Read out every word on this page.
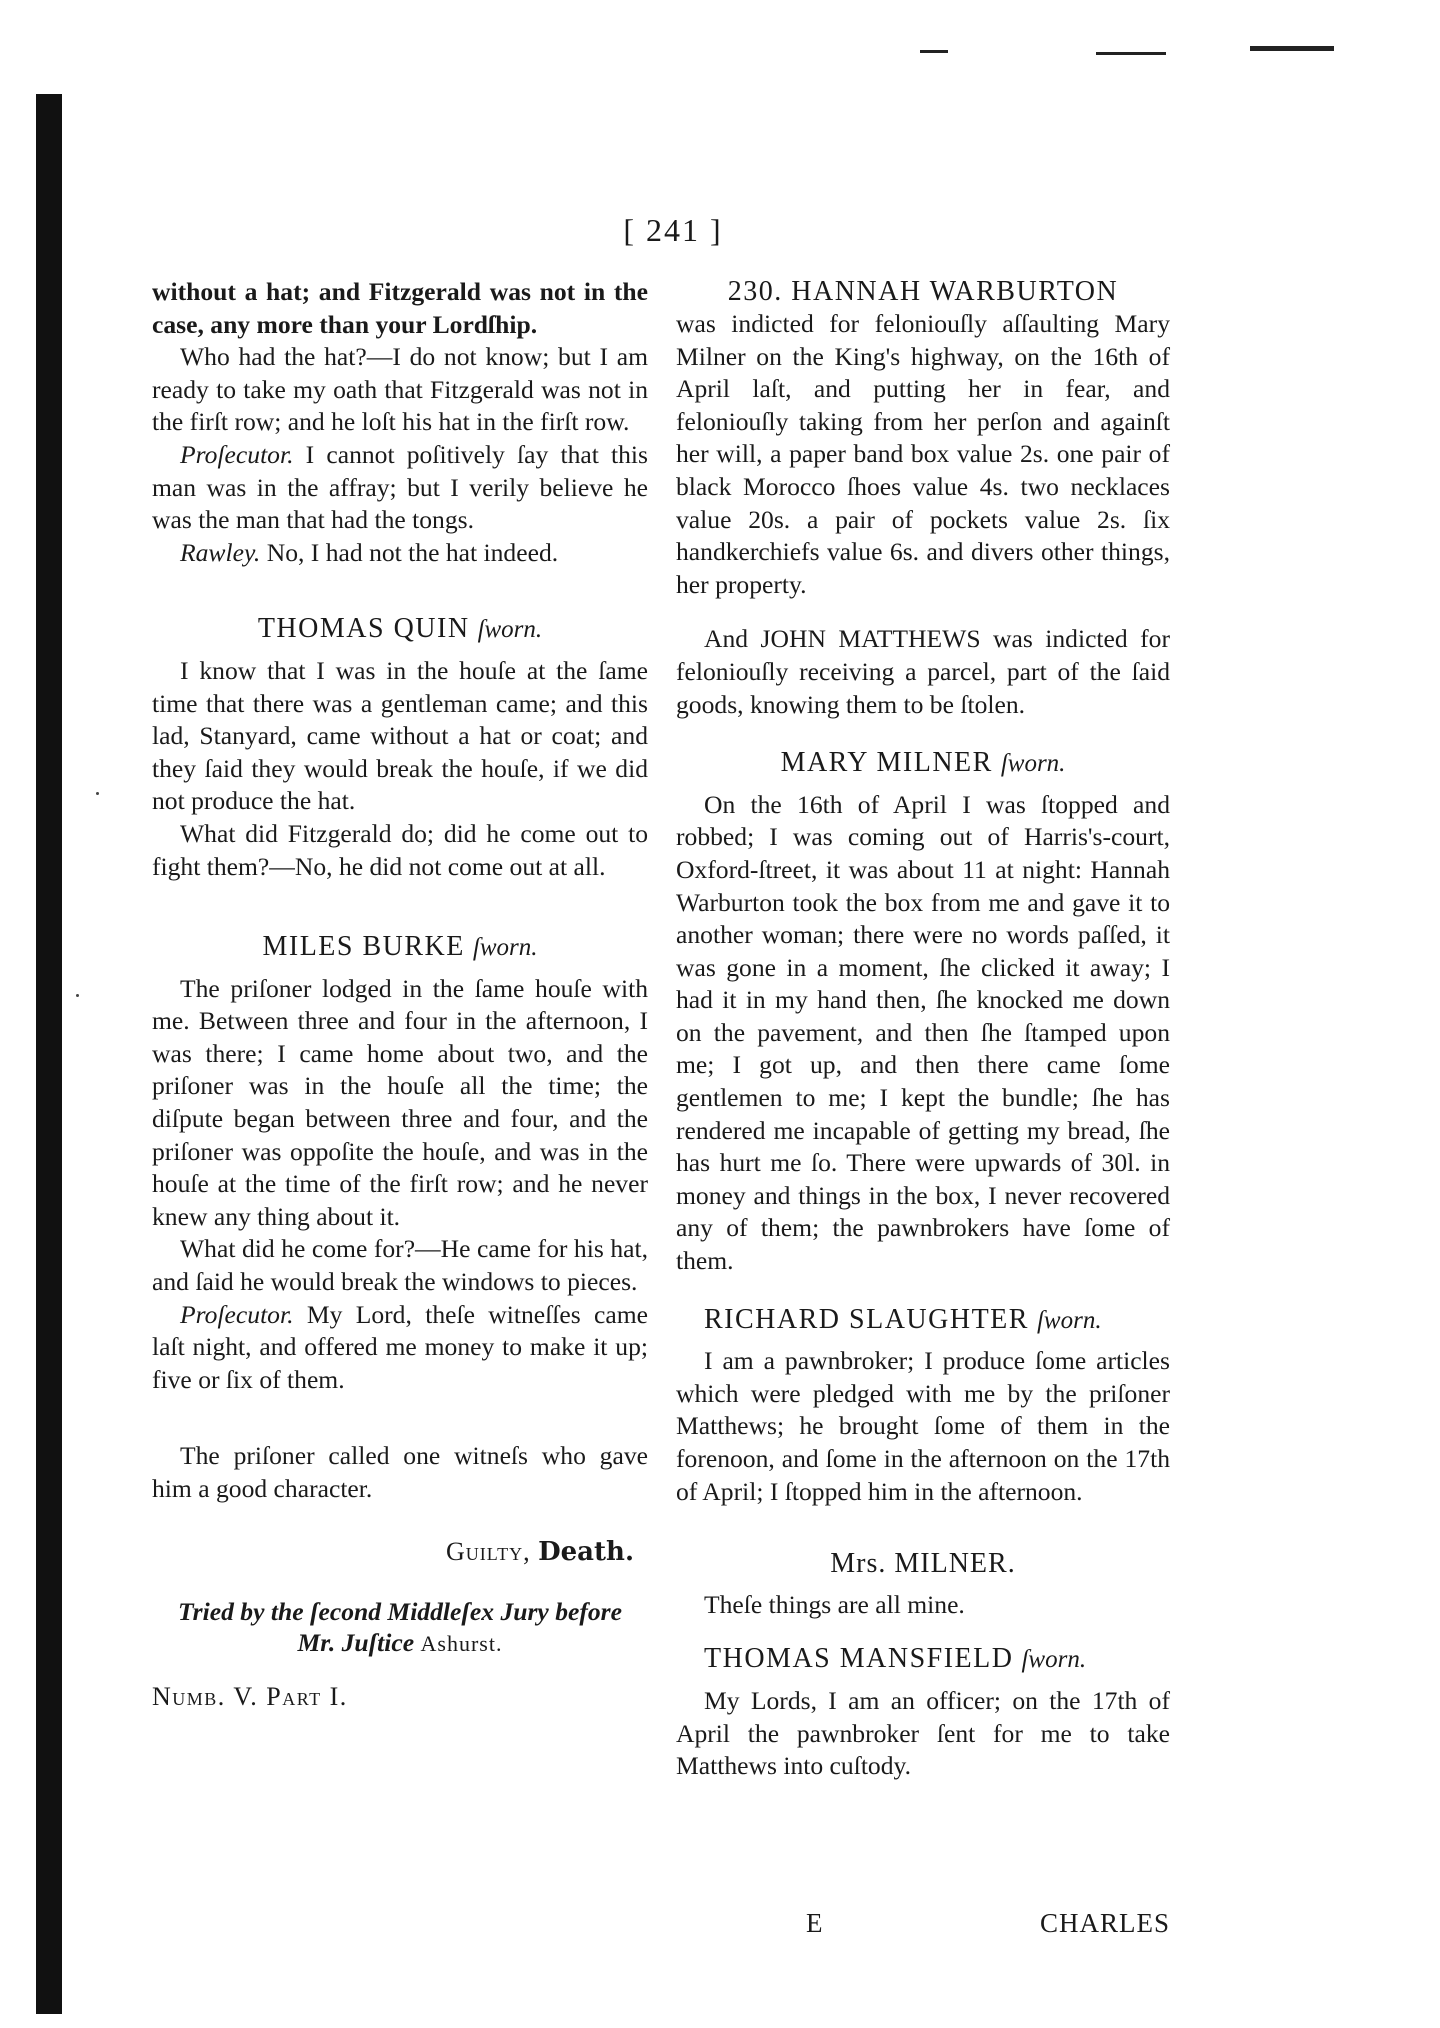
[ 241 ]

without a hat; and Fitzgerald was not in the case, any more than your Lordſhip.

Who had the hat?—I do not know; but I am ready to take my oath that Fitzgerald was not in the firſt row; and he loſt his hat in the firſt row.

Proſecutor. I cannot poſitively ſay that this man was in the affray; but I verily believe he was the man that had the tongs.

Rawley. No, I had not the hat indeed.

THOMAS QUIN ſworn.

I know that I was in the houſe at the ſame time that there was a gentleman came; and this lad, Stanyard, came without a hat or coat; and they ſaid they would break the houſe, if we did not produce the hat.

What did Fitzgerald do; did he come out to fight them?—No, he did not come out at all.

MILES BURKE ſworn.

The priſoner lodged in the ſame houſe with me. Between three and four in the afternoon, I was there; I came home about two, and the priſoner was in the houſe all the time; the diſpute began between three and four, and the priſoner was oppoſite the houſe, and was in the houſe at the time of the firſt row; and he never knew any thing about it.

What did he come for?—He came for his hat, and ſaid he would break the windows to pieces.

Proſecutor. My Lord, theſe witneſſes came laſt night, and offered me money to make it up; five or ſix of them.

The priſoner called one witneſs who gave him a good character.

Guilty, Death.
Tried by the ſecond Middleſex Jury before
Mr. Juſtice Ashurst.
Numb. V. Part I.
230. HANNAH WARBURTON

was indicted for feloniouſly aſſaulting Mary Milner on the King's highway, on the 16th of April laſt, and putting her in fear, and feloniouſly taking from her perſon and againſt her will, a paper band box value 2s. one pair of black Morocco ſhoes value 4s. two necklaces value 20s. a pair of pockets value 2s. ſix handkerchiefs value 6s. and divers other things, her property.

And JOHN MATTHEWS was indicted for feloniouſly receiving a parcel, part of the ſaid goods, knowing them to be ſtolen.

MARY MILNER ſworn.

On the 16th of April I was ſtopped and robbed; I was coming out of Harris's-court, Oxford-ſtreet, it was about 11 at night: Hannah Warburton took the box from me and gave it to another woman; there were no words paſſed, it was gone in a moment, ſhe clicked it away; I had it in my hand then, ſhe knocked me down on the pavement, and then ſhe ſtamped upon me; I got up, and then there came ſome gentlemen to me; I kept the bundle; ſhe has rendered me incapable of getting my bread, ſhe has hurt me ſo. There were upwards of 30l. in money and things in the box, I never recovered any of them; the pawnbrokers have ſome of them.

RICHARD SLAUGHTER ſworn.

I am a pawnbroker; I produce ſome articles which were pledged with me by the priſoner Matthews; he brought ſome of them in the forenoon, and ſome in the afternoon on the 17th of April; I ſtopped him in the afternoon.

Mrs. MILNER.

Theſe things are all mine.

THOMAS MANSFIELD ſworn.

My Lords, I am an officer; on the 17th of April the pawnbroker ſent for me to take Matthews into cuſtody.

E	CHARLES
